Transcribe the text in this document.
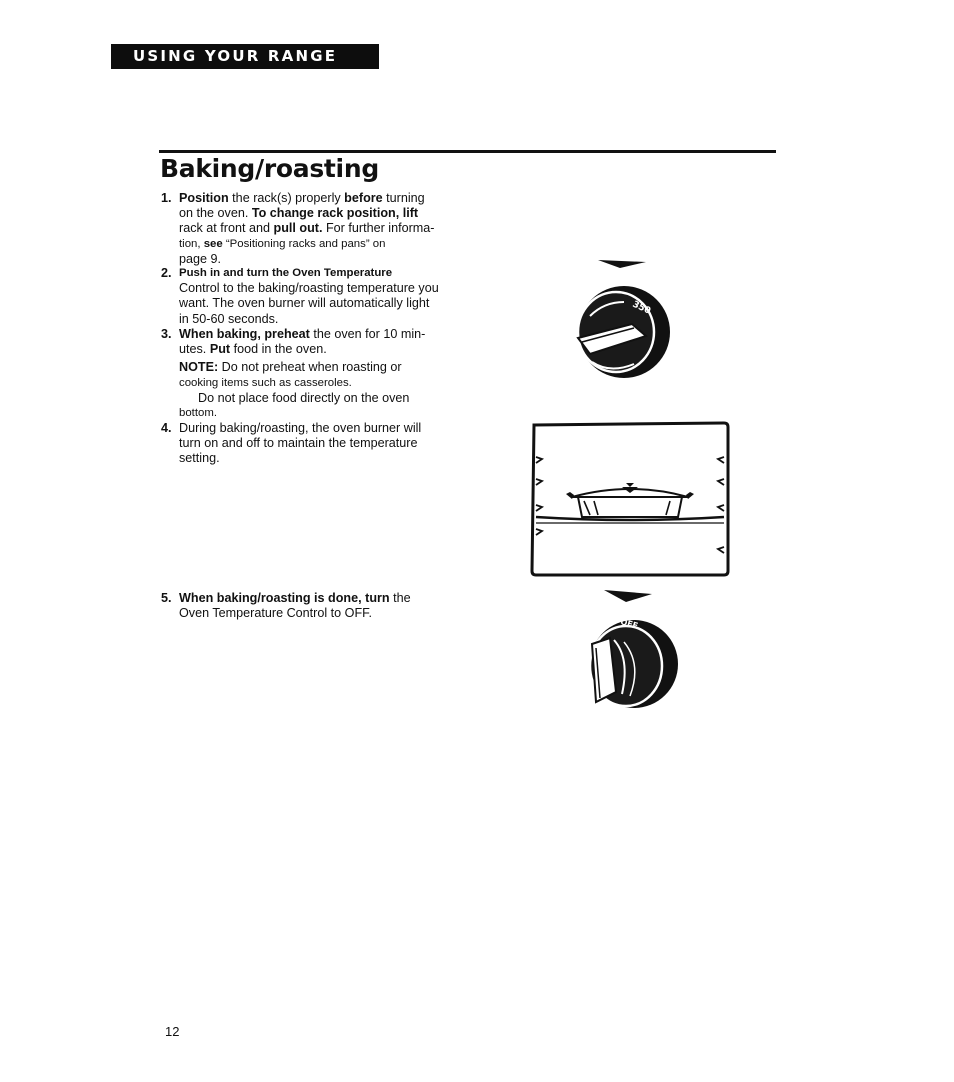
USING YOUR RANGE
Baking/roasting
1. Position the rack(s) properly before turning
on the oven. To change rack position, lift
rack at front and pull out. For further informa-
tion, see “Positioning racks and pans” on
page 9.
2. Push in and turn the Oven Temperature
Control to the baking/roasting temperature you
want. The oven burner will automatically light
in 50-60 seconds.
3. When baking, preheat the oven for 10 min-
utes. Put food in the oven.
NOTE: Do not preheat when roasting or
cooking items such as casseroles.
Do not place food directly on the oven
bottom.
4. During baking/roasting, the oven burner will
turn on and off to maintain the temperature
setting.
5. When baking/roasting is done, turn the
Oven Temperature Control to OFF.
350
OFF
12
